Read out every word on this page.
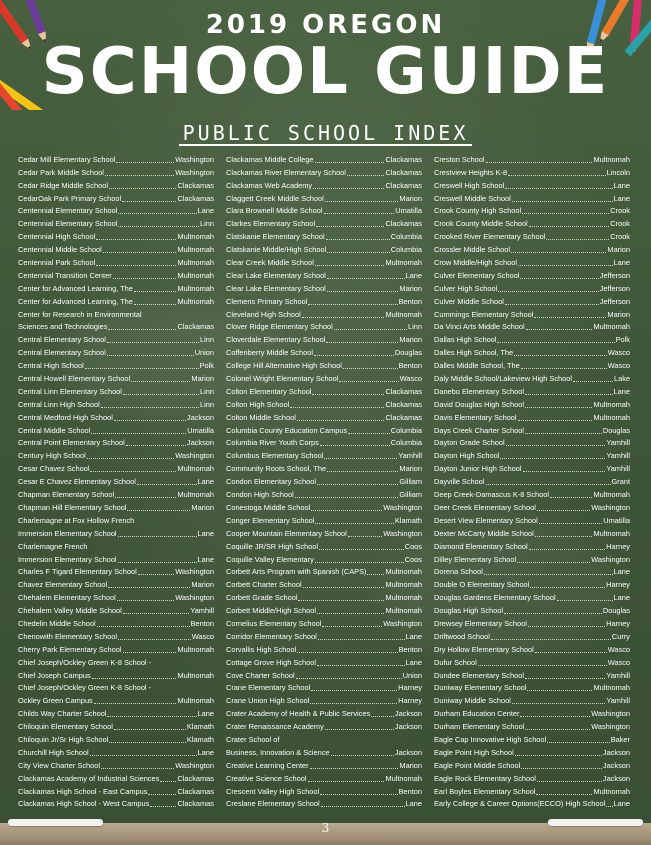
2019 OREGON
SCHOOL GUIDE
PUBLIC SCHOOL INDEX
Cedar Mill Elementary School	Washington
Cedar Park Middle School	Washington
Cedar Ridge Middle School	Clackamas
CedarOak Park Primary School	Clackamas
Centennial Elementary School	Lane
Centennial Elementary School	Linn
Centennial High School	Multnomah
Centennial Middle School	Multnomah
Centennial Park School	Multnomah
Centennial Transition Center	Multnomah
Center for Advanced Learning, The	Multnomah
Center for Advanced Learning, The	Multnomah
Center for Research in Environmental
Sciences and Technologies	Clackamas
Central Elementary School	Linn
Central Elementary School	Union
Central High School	Polk
Central Howell Elementary School	Marion
Central Linn Elementary School	Linn
Central Linn High School	Linn
Central Medford High School	Jackson
Central Middle School	Umatilla
Central Point Elementary School	Jackson
Century High School	Washington
Cesar Chavez School	Multnomah
Cesar E Chavez Elementary School	Lane
Chapman Elementary School	Multnomah
Chapman Hill Elementary School	Marion
Charlemagne at Fox Hollow French
Immersion Elementary School	Lane
Charlemagne French
Immersion Elementary School	Lane
Charles F Tigard Elementary School	Washington
Chavez Elementary School	Marion
Chehalem Elementary School	Washington
Chehalem Valley Middle School	Yamhill
Chedelin Middle School	Benton
Chenowith Elementary School	Wasco
Cherry Park Elementary School	Multnomah
Chief Joseph/Ockley Green K-8 School -
Chief Joseph Campus	Multnomah
Chief Joseph/Ockley Green K-8 School -
Ockley Green Campus	Multnomah
Childs Way Charter School	Lane
Chiloquin Elementary School	Klamath
Chiloquin Jr/Sr High School	Klamath
Churchill High School	Lane
City View Charter School	Washington
Clackamas Academy of Industrial Sciences Clackamas
Clackamas High School - East Campus	Clackamas
Clackamas High School - West Campus	Clackamas
Clackamas Middle College	Clackamas
Clackamas River Elementary School	Clackamas
Clackamas Web Academy	Clackamas
Claggett Creek Middle School	Marion
Clara Brownell Middle School	Umatilla
Clarkes Elementary School	Clackamas
Clatskanie Elementary School	Columbia
Clatskanie Middle/High School	Columbia
Clear Creek Middle School	Multnomah
Clear Lake Elementary School	Lane
Clear Lake Elementary School	Marion
Clemens Primary School	Benton
Cleveland High School	Multnomah
Clover Ridge Elementary School	Linn
Cloverdale Elementary School	Marion
Coffenberry Middle School	Douglas
College Hill Alternative High School	Benton
Colonel Wright Elementary School	Wasco
Colton Elementary School	Clackamas
Colton High School	Clackamas
Colton Middle School	Clackamas
Columbia County Education Campus	Columbia
Columbia River Youth Corps	Columbia
Columbus Elementary School	Yamhill
Community Roots School, The	Marion
Condon Elementary School	Gilliam
Condon High School	Gilliam
Conestoga Middle School	Washington
Conger Elementary School	Klamath
Cooper Mountain Elementary School	Washington
Coquille JR/SR High School	Coos
Coquille Valley Elementary	Coos
Corbett Arts Program with Spanish (CAPS)	Multnomah
Corbett Charter School	Multnomah
Corbett Grade School	Multnomah
Corbett Middle/High School	Multnomah
Cornelius Elementary School	Washington
Corridor Elementary School	Lane
Corvallis High School	Benton
Cottage Grove High School	Lane
Cove Charter School	Union
Crane Elementary School	Harney
Crane Union High School	Harney
Crater Academy of Health & Public Services	Jackson
Crater Renaissance Academy	Jackson
Crater School of
Business, Innovation & Science	Jackson
Creative Learning Center	Marion
Creative Science School	Multnomah
Crescent Valley High School	Benton
Creslane Elementary School	Lane
Creston School	Multnomah
Crestview Heights K-8	Lincoln
Creswell High School	Lane
Creswell Middle School	Lane
Crook County High School	Crook
Crook County Middle School	Crook
Crooked River Elementary School	Crook
Crossler Middle School	Marion
Crow Middle/High School	Lane
Culver Elementary School	Jefferson
Culver High School	Jefferson
Culver Middle School	Jefferson
Cummings Elementary School	Marion
Da Vinci Arts Middle School	Multnomah
Dallas High School	Polk
Dalles High School, The	Wasco
Dalles Middle School, The	Wasco
Daly Middle School/Lakeview High School	Lake
Danebo Elementary School	Lane
David Douglas High School	Multnomah
Davis Elementary School	Multnomah
Days Creek Charter School	Douglas
Dayton Grade School	Yamhill
Dayton High School	Yamhill
Dayton Junior High School	Yamhill
Dayville School	Grant
Deep Creek-Damascus K-8 School	Multnomah
Deer Creek Elementary School	Washington
Desert View Elementary School	Umatilla
Dexter McCarty Middle School	Multnomah
Diamond Elementary School	Harney
Dilley Elementary School	Washington
Dorena School	Lane
Double O Elementary School	Harney
Douglas Gardens Elementary School	Lane
Douglas High School	Douglas
Drewsey Elementary School	Harney
Driftwood School	Curry
Dry Hollow Elementary School	Wasco
Dufur School	Wasco
Dundee Elementary School	Yamhill
Duniway Elementary School	Multnomah
Duniway Middle School	Yamhill
Durham Education Center	Washington
Durham Elementary School	Washington
Eagle Cap Innovative High School	Baker
Eagle Point High School	Jackson
Eagle Point Middle School	Jackson
Eagle Rock Elementary School	Jackson
Earl Boyles Elementary School	Multnomah
Early College & Career Options(ECCO) High School Lane
3
